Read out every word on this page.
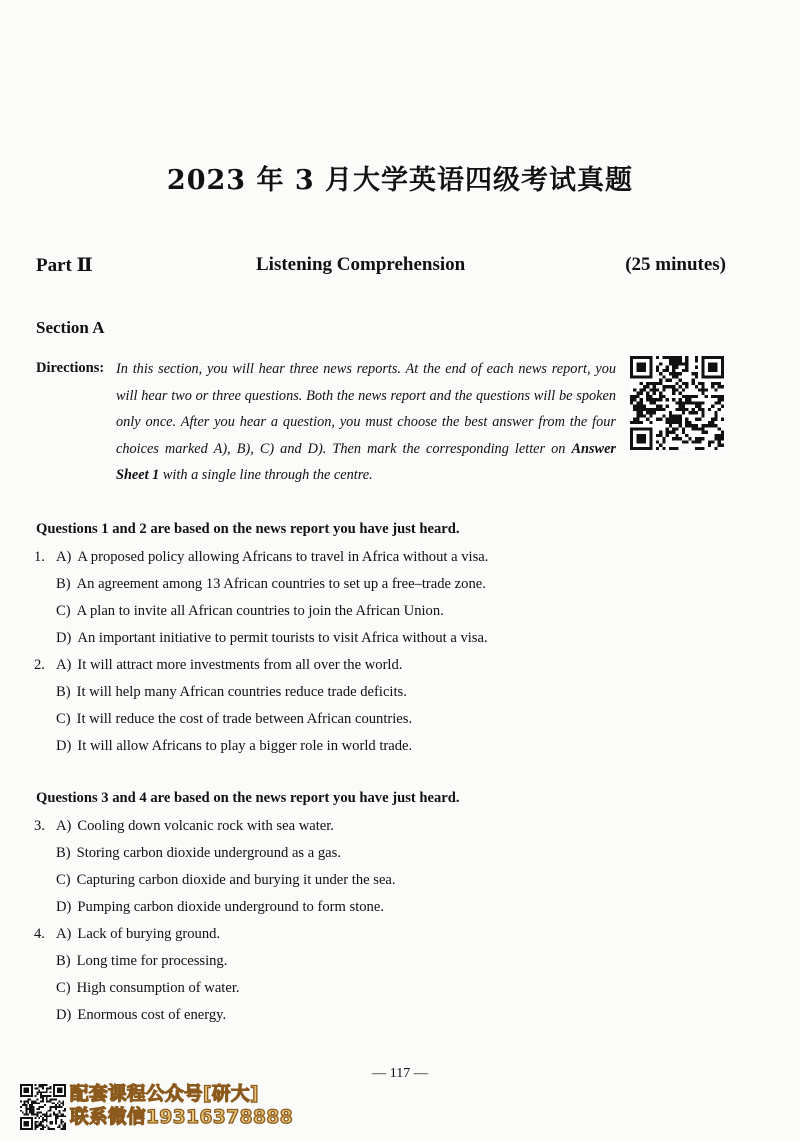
2023 年 3 月大学英语四级考试真题
Part Ⅱ	Listening Comprehension	(25 minutes)
Section A
Directions: In this section, you will hear three news reports. At the end of each news report, you will hear two or three questions. Both the news report and the questions will be spoken only once. After you hear a question, you must choose the best answer from the four choices marked A), B), C) and D). Then mark the corresponding letter on Answer Sheet 1 with a single line through the centre.
Questions 1 and 2 are based on the news report you have just heard.
1. A) A proposed policy allowing Africans to travel in Africa without a visa.
B) An agreement among 13 African countries to set up a free–trade zone.
C) A plan to invite all African countries to join the African Union.
D) An important initiative to permit tourists to visit Africa without a visa.
2. A) It will attract more investments from all over the world.
B) It will help many African countries reduce trade deficits.
C) It will reduce the cost of trade between African countries.
D) It will allow Africans to play a bigger role in world trade.
Questions 3 and 4 are based on the news report you have just heard.
3. A) Cooling down volcanic rock with sea water.
B) Storing carbon dioxide underground as a gas.
C) Capturing carbon dioxide and burying it under the sea.
D) Pumping carbon dioxide underground to form stone.
4. A) Lack of burying ground.
B) Long time for processing.
C) High consumption of water.
D) Enormous cost of energy.
— 117 —
配套课程公众号[研大]
联系微信19316378888
